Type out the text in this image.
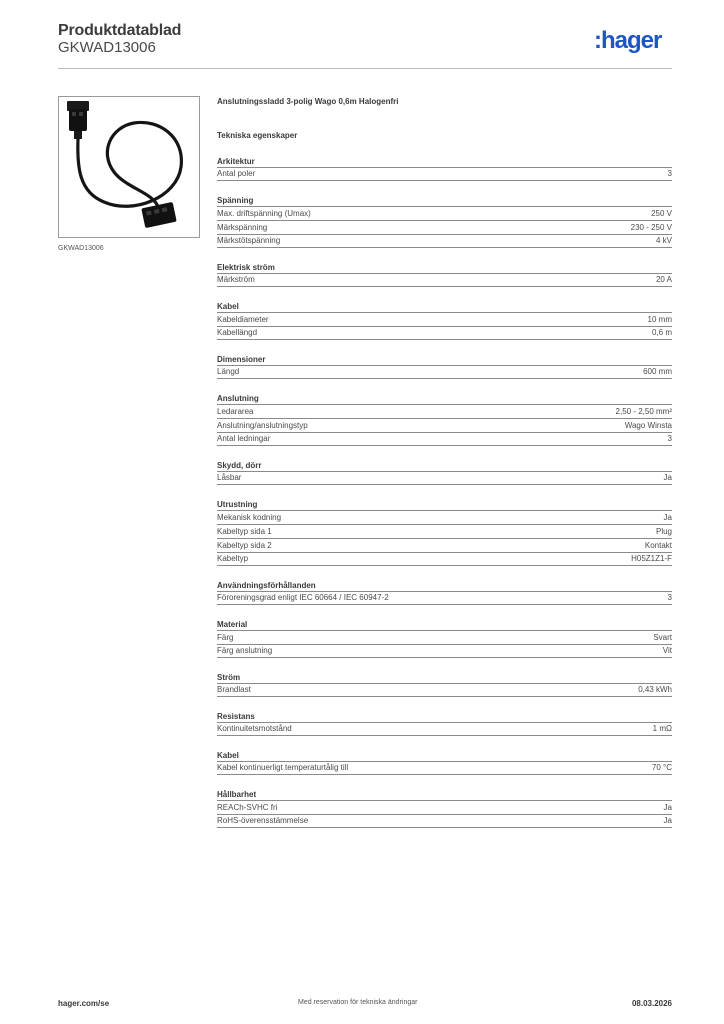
Produktdatablad
GKWAD13006	:hager
GKWAD13006
Anslutningssladd 3-polig Wago 0,6m Halogenfri
Tekniska egenskaper
Arkitektur
Antal poler	3
Spänning
Max. driftspänning (Umax)	250 V
Märkspänning	230 - 250 V
Märkstötspänning	4 kV
Elektrisk ström
Märkström	20 A
Kabel
Kabeldiameter	10 mm
Kabellängd	0,6 m
Dimensioner
Längd	600 mm
Anslutning
Ledararea	2,50 - 2,50 mm²
Anslutning/anslutningstyp	Wago Winsta
Antal ledningar	3
Skydd, dörr
Låsbar	Ja
Utrustning
Mekanisk kodning	Ja
Kabeltyp sida 1	Plug
Kabeltyp sida 2	Kontakt
Kabeltyp	H05Z1Z1-F
Användningsförhållanden
Föroreningsgrad enligt IEC 60664 / IEC 60947-2	3
Material
Färg	Svart
Färg anslutning	Vit
Ström
Brandlast	0,43 kWh
Resistans
Kontinuitetsmotstånd	1 mΩ
Kabel
Kabel kontinuerligt temperaturtålig till	70 °C
Hållbarhet
REACh-SVHC fri	Ja
RoHS-överensstämmelse	Ja
hager.com/se	Med reservation för tekniska ändringar	08.03.2026
